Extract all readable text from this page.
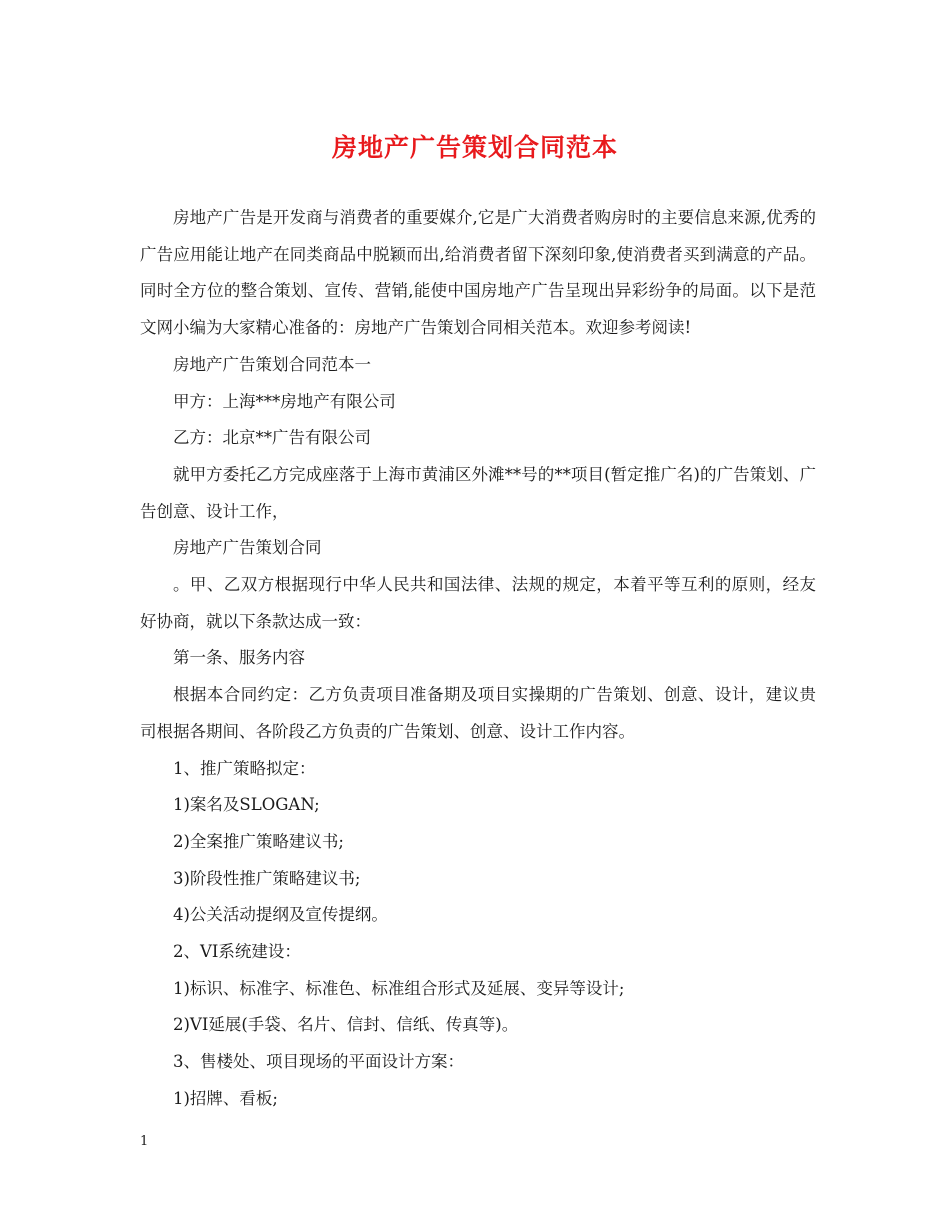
房地产广告策划合同范本

房地产广告是开发商与消费者的重要媒介,它是广大消费者购房时的主要信息来源,优秀的广告应用能让地产在同类商品中脱颖而出,给消费者留下深刻印象,使消费者买到满意的产品。同时全方位的整合策划、宣传、营销,能使中国房地产广告呈现出异彩纷争的局面。以下是范文网小编为大家精心准备的：房地产广告策划合同相关范本。欢迎参考阅读!

房地产广告策划合同范本一

甲方：上海***房地产有限公司

乙方：北京**广告有限公司

就甲方委托乙方完成座落于上海市黄浦区外滩**号的**项目(暂定推广名)的广告策划、广告创意、设计工作，

房地产广告策划合同

。甲、乙双方根据现行中华人民共和国法律、法规的规定，本着平等互利的原则，经友好协商，就以下条款达成一致：

第一条、服务内容

根据本合同约定：乙方负责项目准备期及项目实操期的广告策划、创意、设计，建议贵司根据各期间、各阶段乙方负责的广告策划、创意、设计工作内容。

1、推广策略拟定：

1)案名及SLOGAN;

2)全案推广策略建议书;

3)阶段性推广策略建议书;

4)公关活动提纲及宣传提纲。

2、VI系统建设：

1)标识、标准字、标准色、标准组合形式及延展、变异等设计;

2)VI延展(手袋、名片、信封、信纸、传真等)。

3、售楼处、项目现场的平面设计方案：

1)招牌、看板;

1
